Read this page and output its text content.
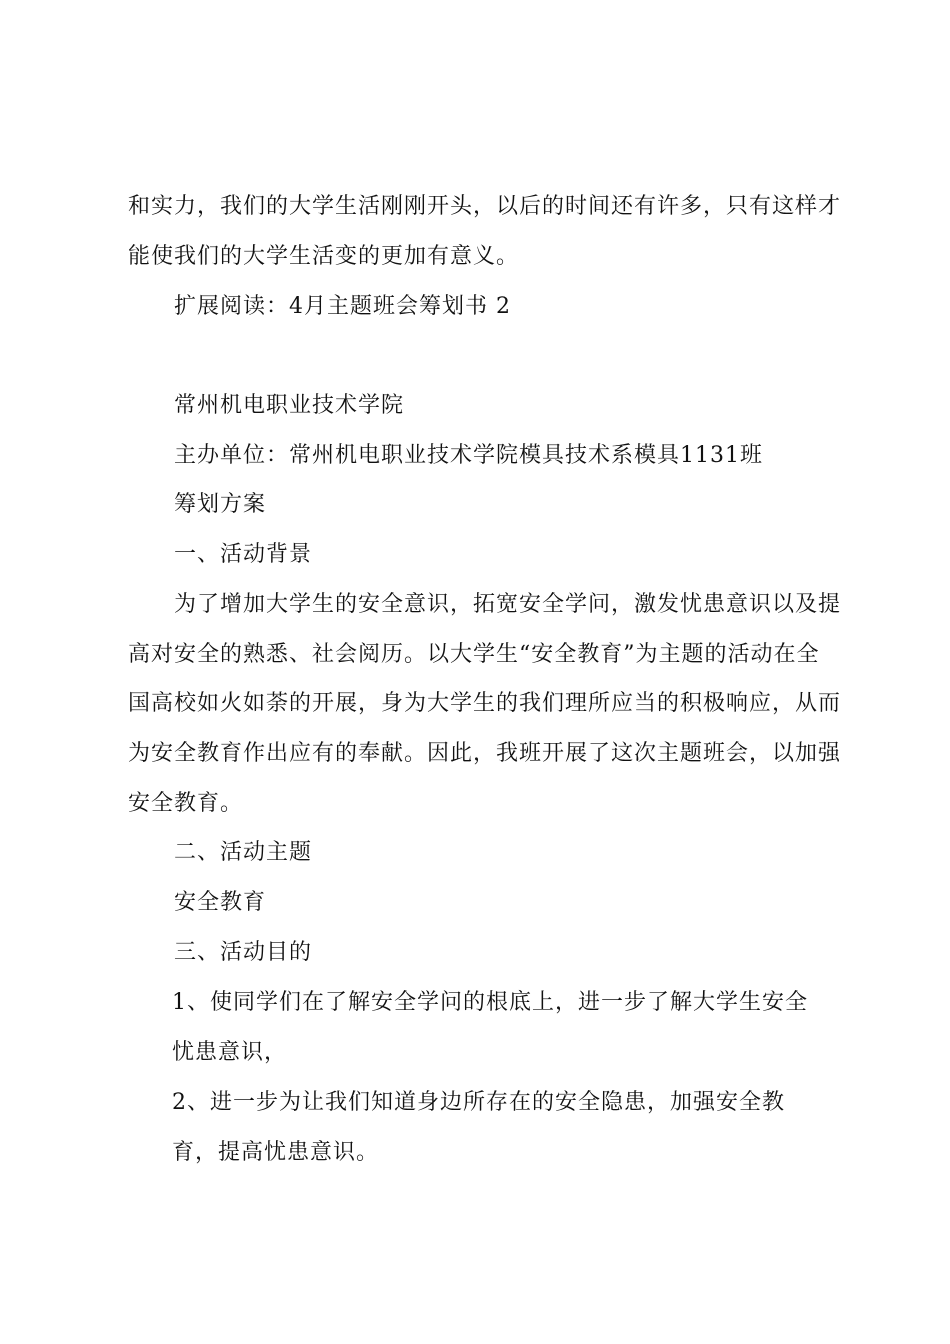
和实力，我们的大学生活刚刚开头，以后的时间还有许多，只有这样才
能使我们的大学生活变的更加有意义。
扩展阅读：4月主题班会筹划书 2
常州机电职业技术学院
主办单位：常州机电职业技术学院模具技术系模具1131班
筹划方案
一、活动背景
为了增加大学生的安全意识，拓宽安全学问，激发忧患意识以及提
高对安全的熟悉、社会阅历。以大学生“安全教育”为主题的活动在全
国高校如火如荼的开展，身为大学生的我们理所应当的积极响应，从而
为安全教育作出应有的奉献。因此，我班开展了这次主题班会，以加强
安全教育。
二、活动主题
安全教育
三、活动目的
1、使同学们在了解安全学问的根底上，进一步了解大学生安全
忧患意识，
2、进一步为让我们知道身边所存在的安全隐患，加强安全教
育，提高忧患意识。
